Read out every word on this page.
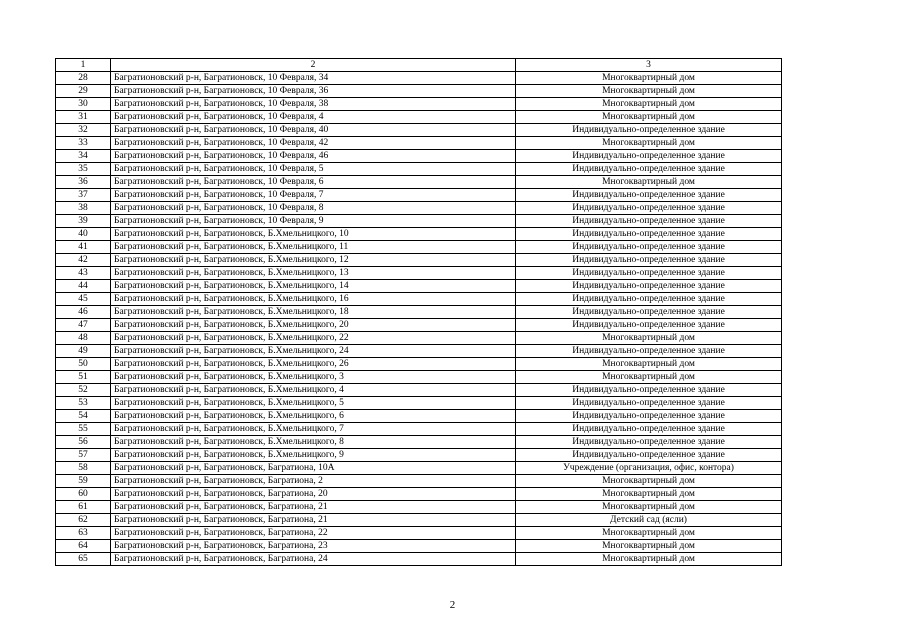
1	2	3
28	Багратионовский р-н, Багратионовск, 10 Февраля, 34	Многоквартирный дом
29	Багратионовский р-н, Багратионовск, 10 Февраля, 36	Многоквартирный дом
30	Багратионовский р-н, Багратионовск, 10 Февраля, 38	Многоквартирный дом
31	Багратионовский р-н, Багратионовск, 10 Февраля, 4	Многоквартирный дом
32	Багратионовский р-н, Багратионовск, 10 Февраля, 40	Индивидуально-определенное здание
33	Багратионовский р-н, Багратионовск, 10 Февраля, 42	Многоквартирный дом
34	Багратионовский р-н, Багратионовск, 10 Февраля, 46	Индивидуально-определенное здание
35	Багратионовский р-н, Багратионовск, 10 Февраля, 5	Индивидуально-определенное здание
36	Багратионовский р-н, Багратионовск, 10 Февраля, 6	Многоквартирный дом
37	Багратионовский р-н, Багратионовск, 10 Февраля, 7	Индивидуально-определенное здание
38	Багратионовский р-н, Багратионовск, 10 Февраля, 8	Индивидуально-определенное здание
39	Багратионовский р-н, Багратионовск, 10 Февраля, 9	Индивидуально-определенное здание
40	Багратионовский р-н, Багратионовск, Б.Хмельницкого, 10	Индивидуально-определенное здание
41	Багратионовский р-н, Багратионовск, Б.Хмельницкого, 11	Индивидуально-определенное здание
42	Багратионовский р-н, Багратионовск, Б.Хмельницкого, 12	Индивидуально-определенное здание
43	Багратионовский р-н, Багратионовск, Б.Хмельницкого, 13	Индивидуально-определенное здание
44	Багратионовский р-н, Багратионовск, Б.Хмельницкого, 14	Индивидуально-определенное здание
45	Багратионовский р-н, Багратионовск, Б.Хмельницкого, 16	Индивидуально-определенное здание
46	Багратионовский р-н, Багратионовск, Б.Хмельницкого, 18	Индивидуально-определенное здание
47	Багратионовский р-н, Багратионовск, Б.Хмельницкого, 20	Индивидуально-определенное здание
48	Багратионовский р-н, Багратионовск, Б.Хмельницкого, 22	Многоквартирный дом
49	Багратионовский р-н, Багратионовск, Б.Хмельницкого, 24	Индивидуально-определенное здание
50	Багратионовский р-н, Багратионовск, Б.Хмельницкого, 26	Многоквартирный дом
51	Багратионовский р-н, Багратионовск, Б.Хмельницкого, 3	Многоквартирный дом
52	Багратионовский р-н, Багратионовск, Б.Хмельницкого, 4	Индивидуально-определенное здание
53	Багратионовский р-н, Багратионовск, Б.Хмельницкого, 5	Индивидуально-определенное здание
54	Багратионовский р-н, Багратионовск, Б.Хмельницкого, 6	Индивидуально-определенное здание
55	Багратионовский р-н, Багратионовск, Б.Хмельницкого, 7	Индивидуально-определенное здание
56	Багратионовский р-н, Багратионовск, Б.Хмельницкого, 8	Индивидуально-определенное здание
57	Багратионовский р-н, Багратионовск, Б.Хмельницкого, 9	Индивидуально-определенное здание
58	Багратионовский р-н, Багратионовск, Багратиона, 10А	Учреждение (организация, офис, контора)
59	Багратионовский р-н, Багратионовск, Багратиона, 2	Многоквартирный дом
60	Багратионовский р-н, Багратионовск, Багратиона, 20	Многоквартирный дом
61	Багратионовский р-н, Багратионовск, Багратиона, 21	Многоквартирный дом
62	Багратионовский р-н, Багратионовск, Багратиона, 21	Детский сад (ясли)
63	Багратионовский р-н, Багратионовск, Багратиона, 22	Многоквартирный дом
64	Багратионовский р-н, Багратионовск, Багратиона, 23	Многоквартирный дом
65	Багратионовский р-н, Багратионовск, Багратиона, 24	Многоквартирный дом
2
